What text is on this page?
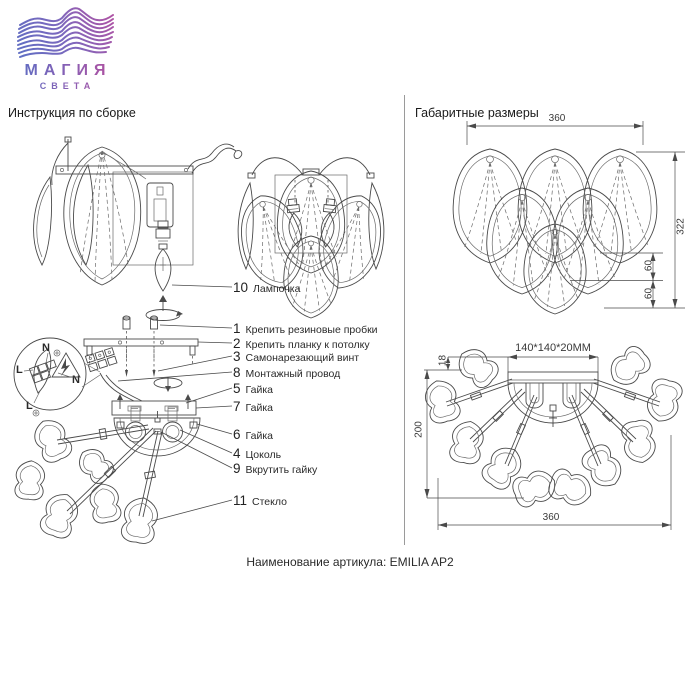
МАГИЯ
СВЕТА
Инструкция по сборке	Габаритные размеры
N
L
N
L
10 Лампочка
1 Крепить резиновые пробки
2 Крепить планку к потолку
3 Самонарезающий винт
8 Монтажный провод
5 Гайка
7 Гайка
6 Гайка
4 Цоколь
9 Вкрутить гайку
11 Стекло
360
322
60
60
140*140*20MM
18
200
360
Наименование артикула: EMILIA AP2
